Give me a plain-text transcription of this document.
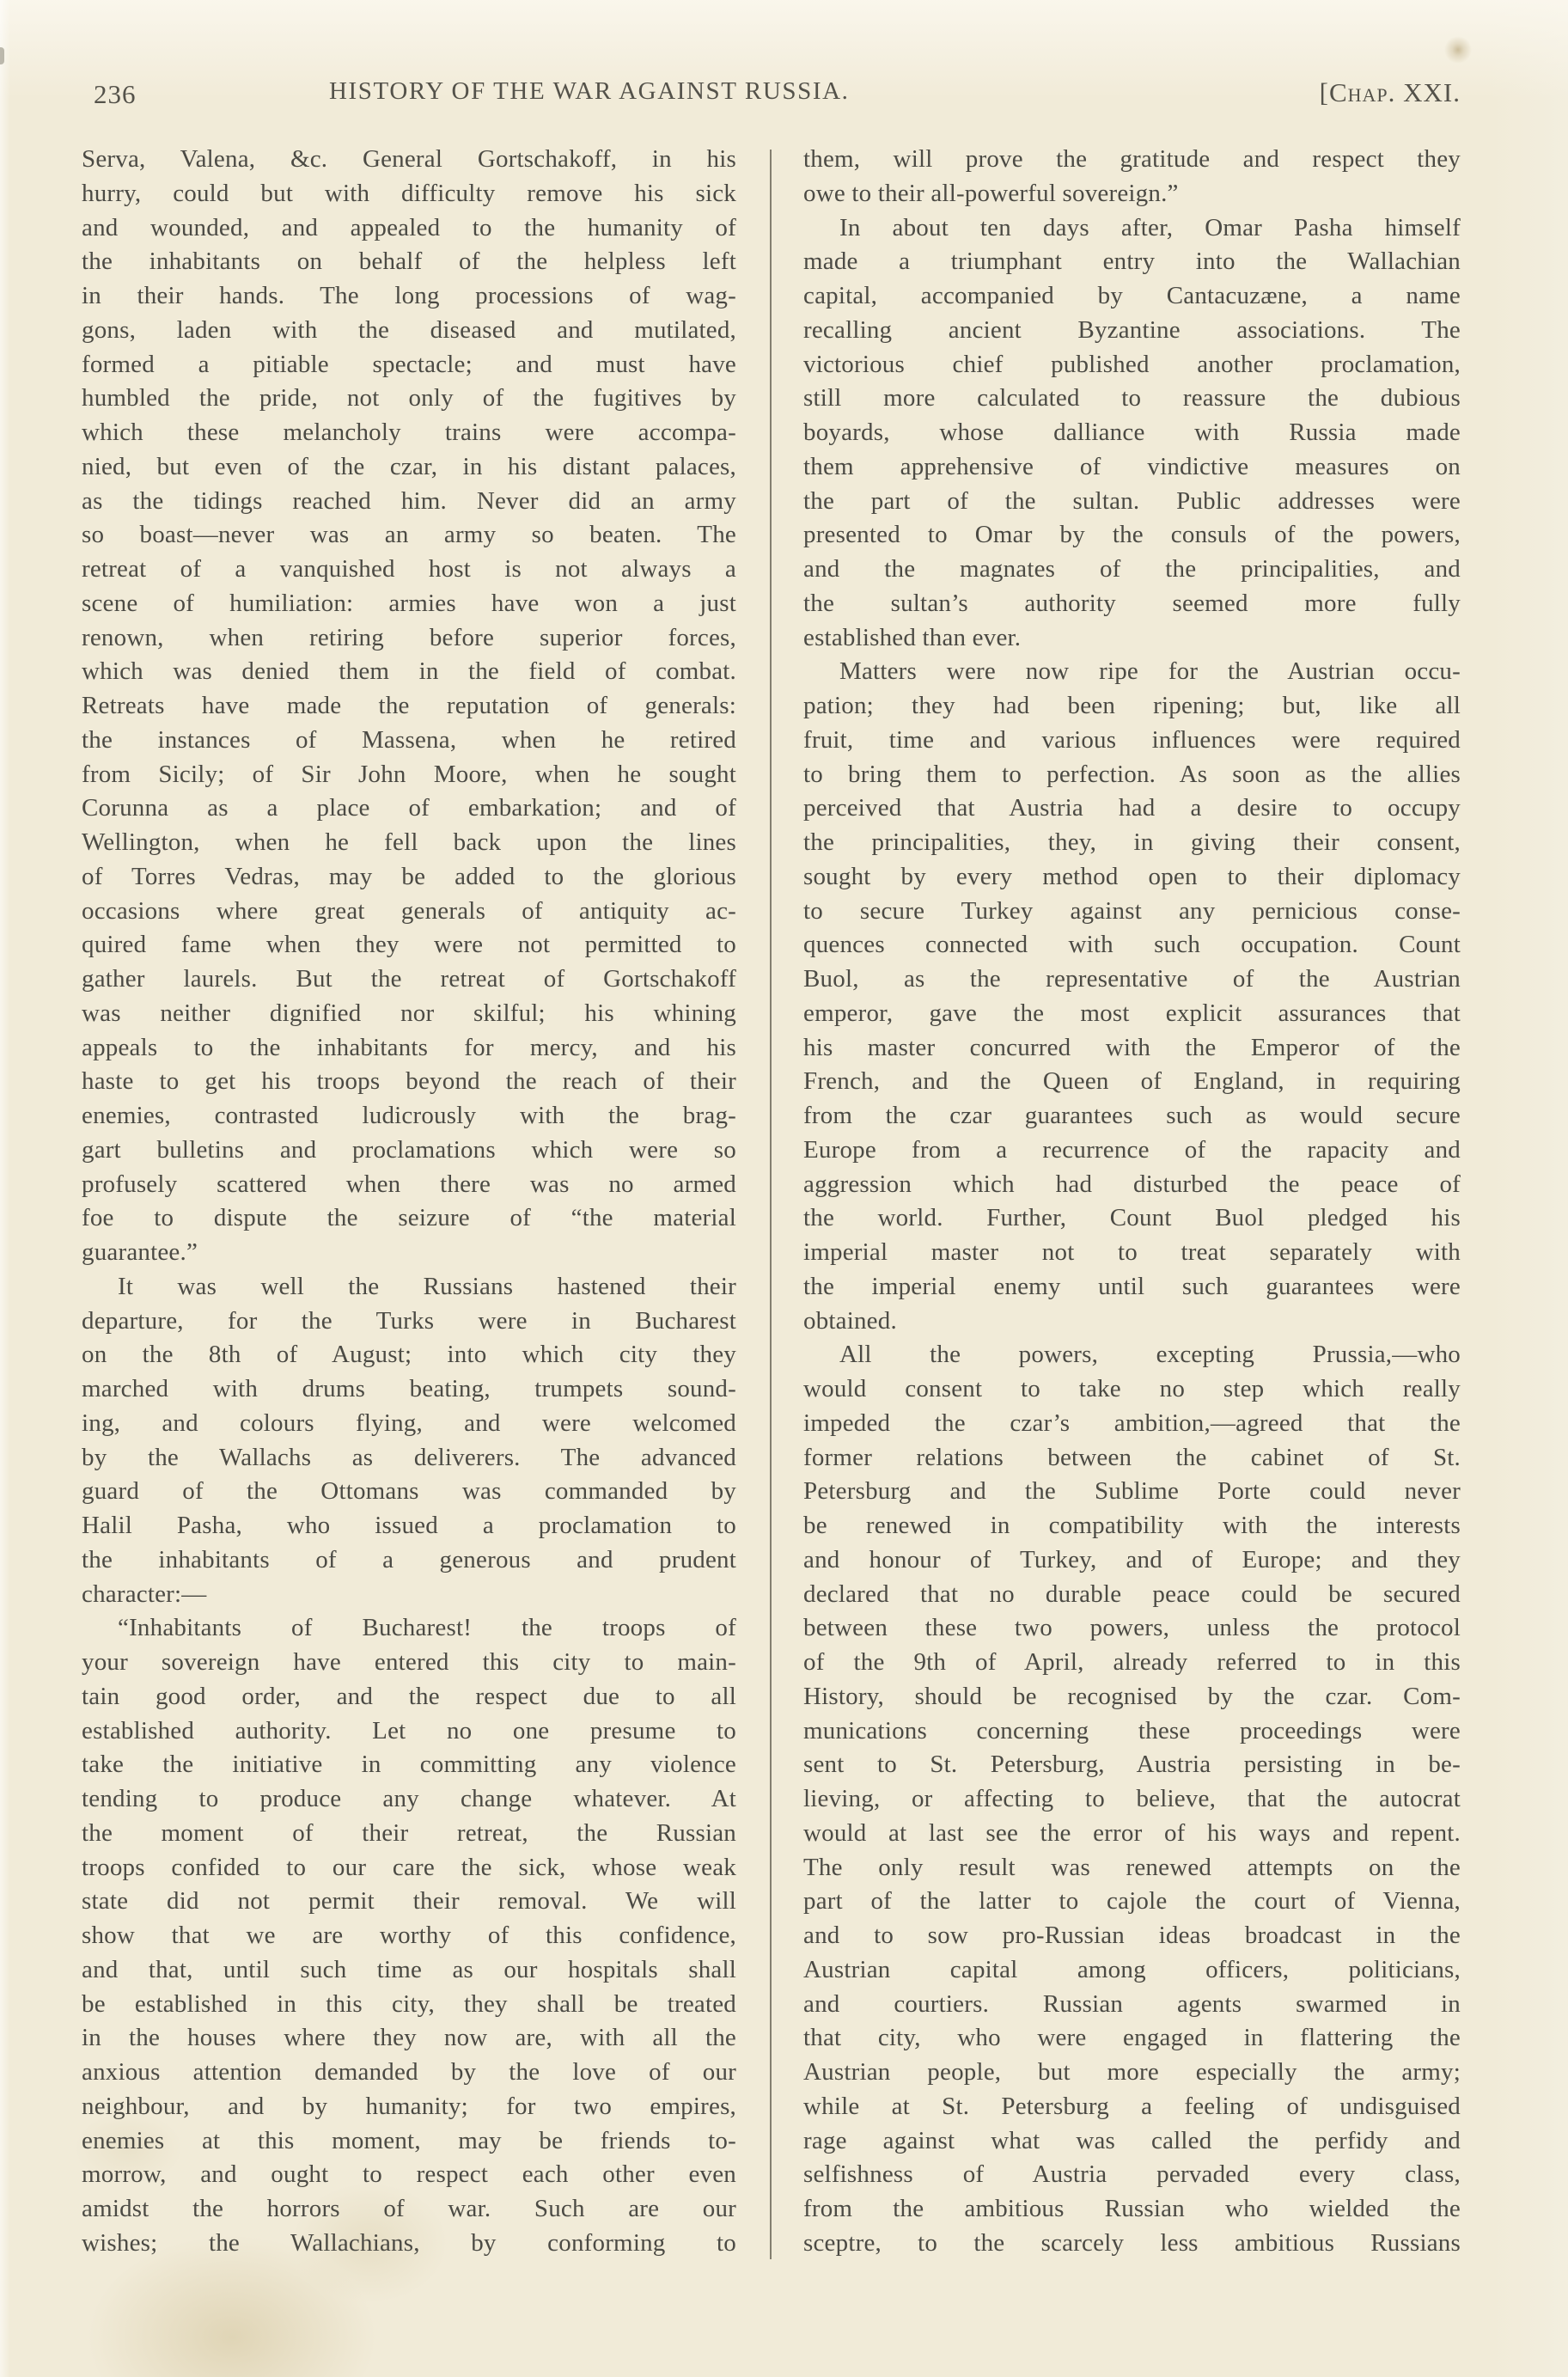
236	HISTORY OF THE WAR AGAINST RUSSIA.	[Chap. XXI.
Serva, Valena, &c. General Gortschakoff, in his
hurry, could but with difficulty remove his sick
and wounded, and appealed to the humanity of
the inhabitants on behalf of the helpless left
in their hands. The long processions of wag-
gons, laden with the diseased and mutilated,
formed a pitiable spectacle; and must have
humbled the pride, not only of the fugitives by
which these melancholy trains were accompa-
nied, but even of the czar, in his distant palaces,
as the tidings reached him. Never did an army
so boast—never was an army so beaten. The
retreat of a vanquished host is not always a
scene of humiliation: armies have won a just
renown, when retiring before superior forces,
which was denied them in the field of combat.
Retreats have made the reputation of generals:
the instances of Massena, when he retired
from Sicily; of Sir John Moore, when he sought
Corunna as a place of embarkation; and of
Wellington, when he fell back upon the lines
of Torres Vedras, may be added to the glorious
occasions where great generals of antiquity ac-
quired fame when they were not permitted to
gather laurels. But the retreat of Gortschakoff
was neither dignified nor skilful; his whining
appeals to the inhabitants for mercy, and his
haste to get his troops beyond the reach of their
enemies, contrasted ludicrously with the brag-
gart bulletins and proclamations which were so
profusely scattered when there was no armed
foe to dispute the seizure of “the material
guarantee.”
It was well the Russians hastened their
departure, for the Turks were in Bucharest
on the 8th of August; into which city they
marched with drums beating, trumpets sound-
ing, and colours flying, and were welcomed
by the Wallachs as deliverers. The advanced
guard of the Ottomans was commanded by
Halil Pasha, who issued a proclamation to
the inhabitants of a generous and prudent
character:—
“Inhabitants of Bucharest! the troops of
your sovereign have entered this city to main-
tain good order, and the respect due to all
established authority. Let no one presume to
take the initiative in committing any violence
tending to produce any change whatever. At
the moment of their retreat, the Russian
troops confided to our care the sick, whose weak
state did not permit their removal. We will
show that we are worthy of this confidence,
and that, until such time as our hospitals shall
be established in this city, they shall be treated
in the houses where they now are, with all the
anxious attention demanded by the love of our
neighbour, and by humanity; for two empires,
enemies at this moment, may be friends to-
morrow, and ought to respect each other even
amidst the horrors of war. Such are our
wishes; the Wallachians, by conforming to
them, will prove the gratitude and respect they
owe to their all-powerful sovereign.”
In about ten days after, Omar Pasha himself
made a triumphant entry into the Wallachian
capital, accompanied by Cantacuzæne, a name
recalling ancient Byzantine associations. The
victorious chief published another proclamation,
still more calculated to reassure the dubious
boyards, whose dalliance with Russia made
them apprehensive of vindictive measures on
the part of the sultan. Public addresses were
presented to Omar by the consuls of the powers,
and the magnates of the principalities, and
the sultan’s authority seemed more fully
established than ever.
Matters were now ripe for the Austrian occu-
pation; they had been ripening; but, like all
fruit, time and various influences were required
to bring them to perfection. As soon as the allies
perceived that Austria had a desire to occupy
the principalities, they, in giving their consent,
sought by every method open to their diplomacy
to secure Turkey against any pernicious conse-
quences connected with such occupation. Count
Buol, as the representative of the Austrian
emperor, gave the most explicit assurances that
his master concurred with the Emperor of the
French, and the Queen of England, in requiring
from the czar guarantees such as would secure
Europe from a recurrence of the rapacity and
aggression which had disturbed the peace of
the world. Further, Count Buol pledged his
imperial master not to treat separately with
the imperial enemy until such guarantees were
obtained.
All the powers, excepting Prussia,—who
would consent to take no step which really
impeded the czar’s ambition,—agreed that the
former relations between the cabinet of St.
Petersburg and the Sublime Porte could never
be renewed in compatibility with the interests
and honour of Turkey, and of Europe; and they
declared that no durable peace could be secured
between these two powers, unless the protocol
of the 9th of April, already referred to in this
History, should be recognised by the czar. Com-
munications concerning these proceedings were
sent to St. Petersburg, Austria persisting in be-
lieving, or affecting to believe, that the autocrat
would at last see the error of his ways and repent.
The only result was renewed attempts on the
part of the latter to cajole the court of Vienna,
and to sow pro-Russian ideas broadcast in the
Austrian capital among officers, politicians,
and courtiers. Russian agents swarmed in
that city, who were engaged in flattering the
Austrian people, but more especially the army;
while at St. Petersburg a feeling of undisguised
rage against what was called the perfidy and
selfishness of Austria pervaded every class,
from the ambitious Russian who wielded the
sceptre, to the scarcely less ambitious Russians
